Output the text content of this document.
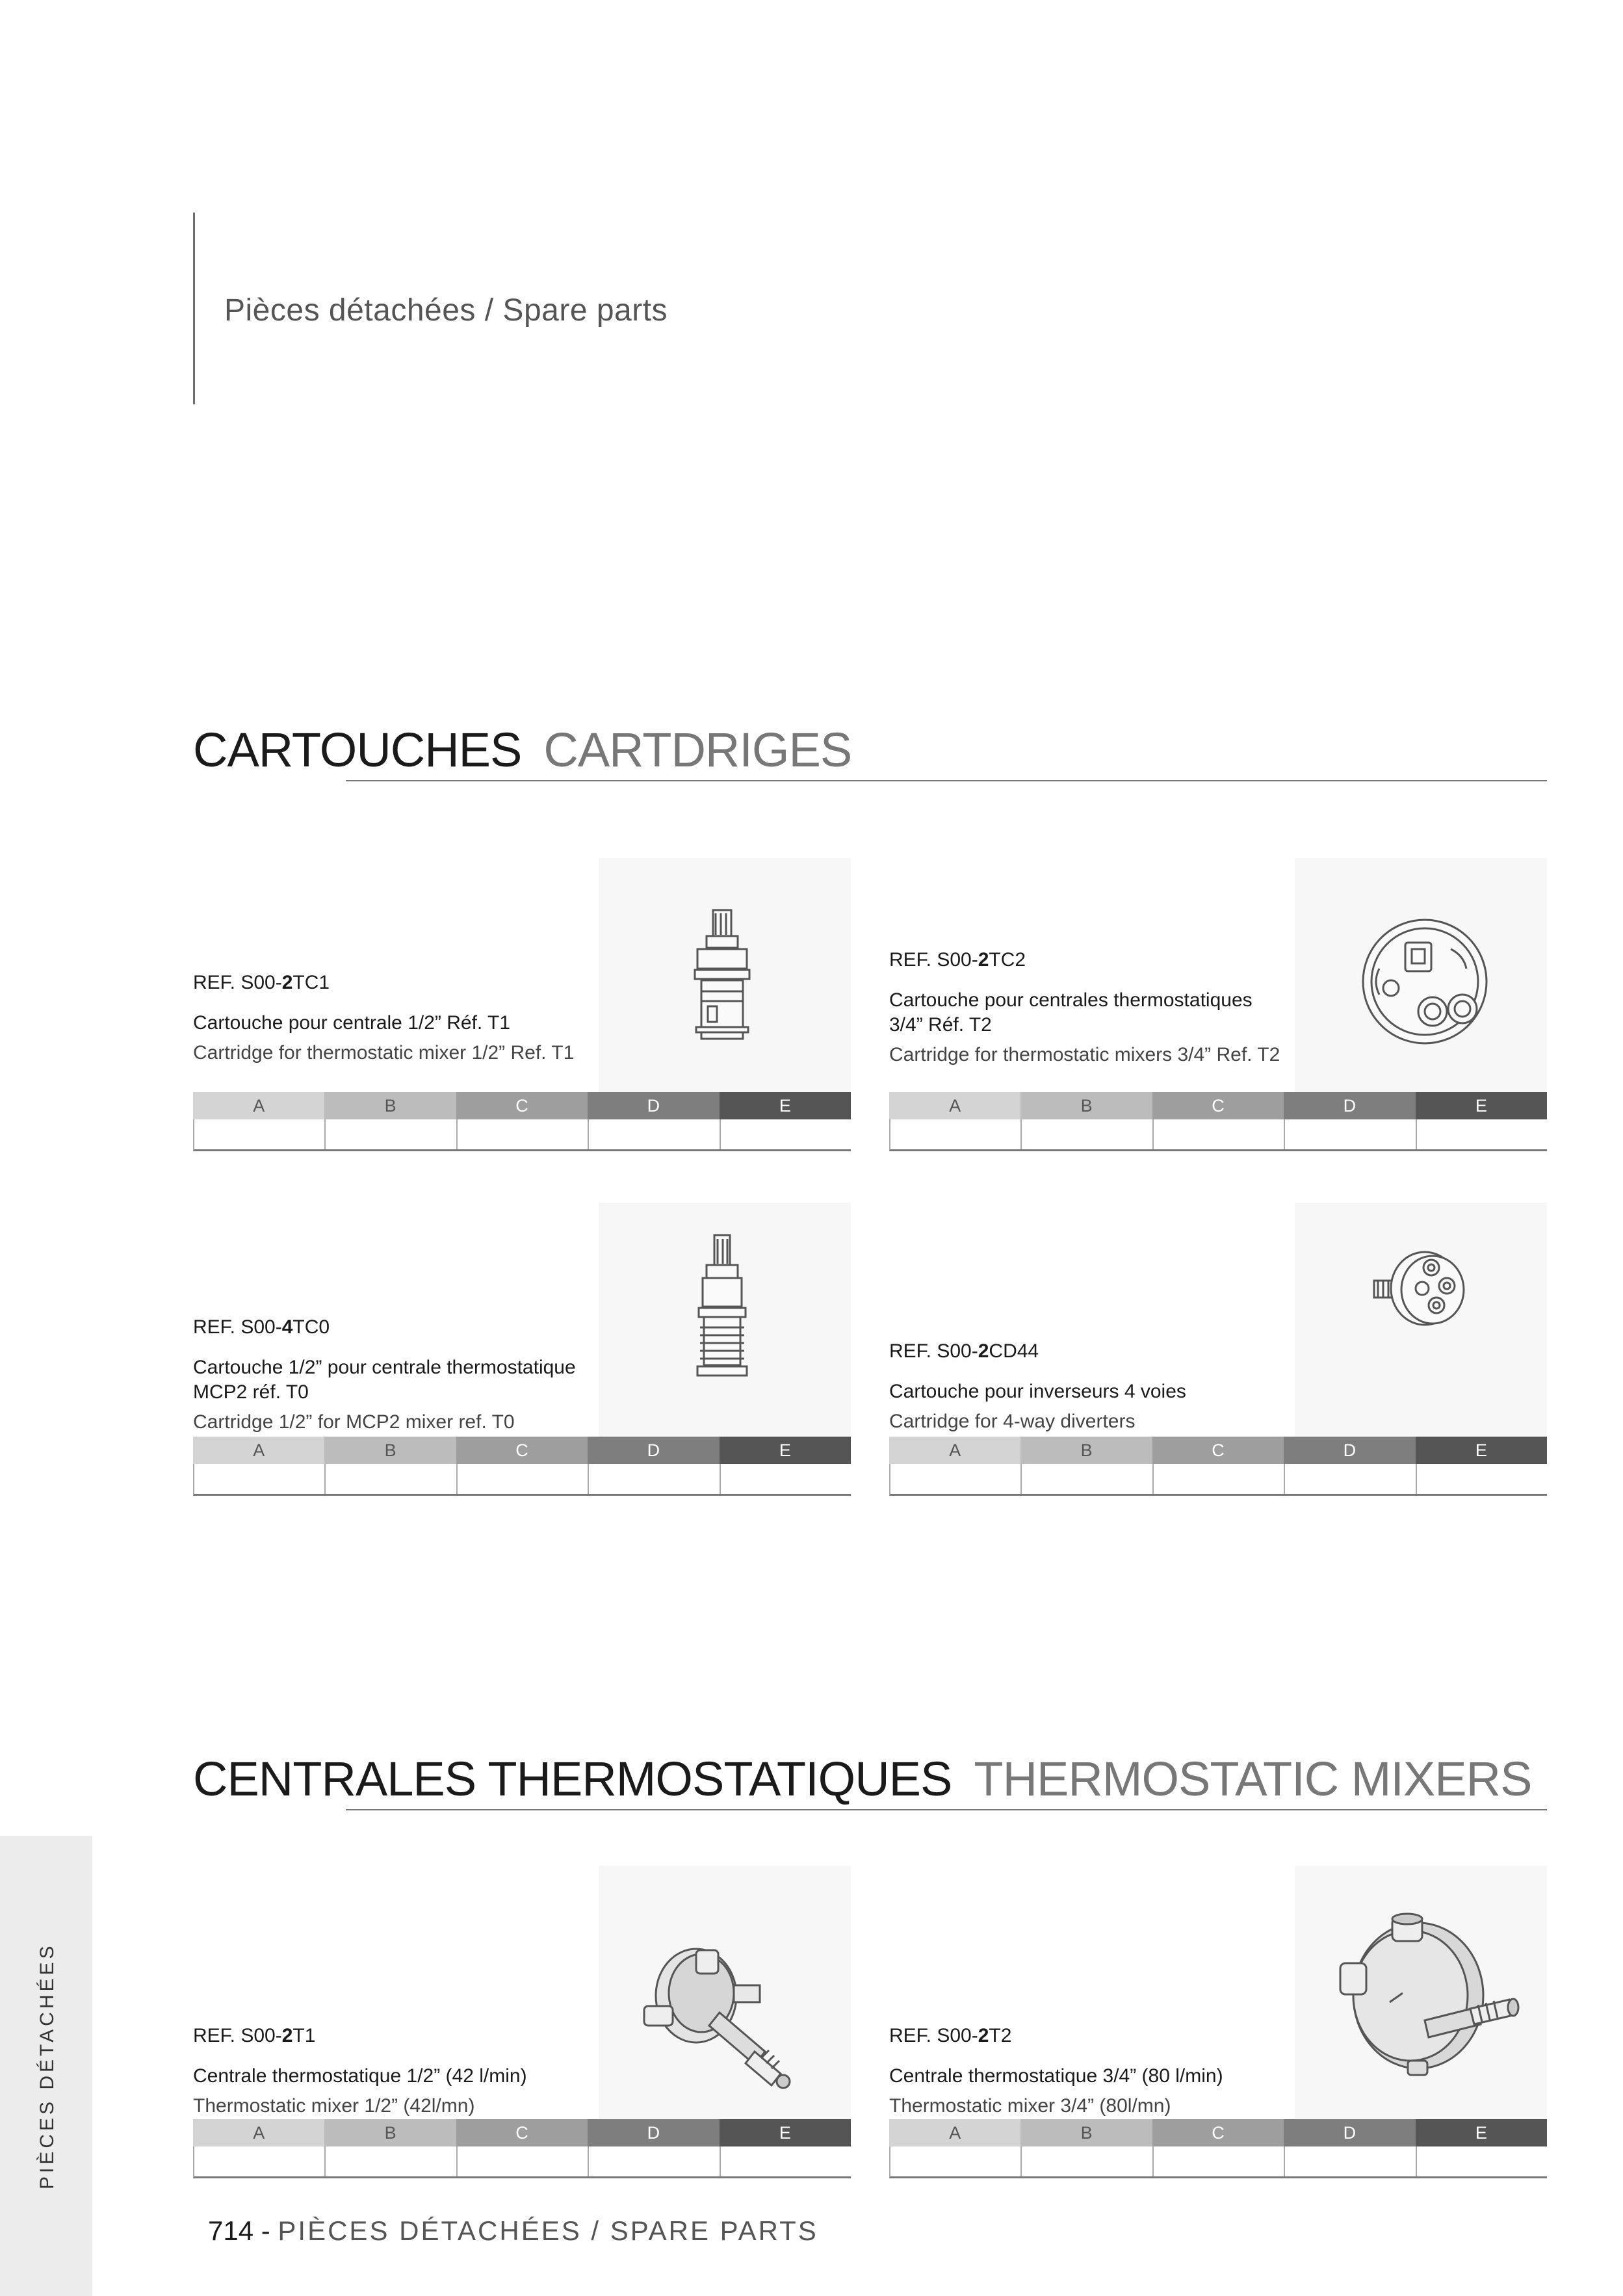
Pièces détachées / Spare parts
CARTOUCHES CARTDRIGES

REF. S00-2TC1

Cartouche pour centrale 1/2” Réf. T1

Cartridge for thermostatic mixer 1/2” Ref. T1

A	B	C	D	E

REF. S00-2TC2

Cartouche pour centrales thermostatiques 3/4” Réf. T2

Cartridge for thermostatic mixers 3/4” Ref. T2

A	B	C	D	E

REF. S00-4TC0

Cartouche 1/2” pour centrale thermostatique MCP2 réf. T0

Cartridge 1/2” for MCP2 mixer ref. T0

A	B	C	D	E

REF. S00-2CD44

Cartouche pour inverseurs 4 voies

Cartridge for 4-way diverters

A	B	C	D	E
CENTRALES THERMOSTATIQUES THERMOSTATIC MIXERS

REF. S00-2T1

Centrale thermostatique 1/2” (42 l/min)

Thermostatic mixer 1/2” (42l/mn)

A	B	C	D	E

REF. S00-2T2

Centrale thermostatique 3/4” (80 l/min)

Thermostatic mixer 3/4” (80l/mn)

A	B	C	D	E
PIÈCES DÉTACHÉES
714 - PIÈCES DÉTACHÉES / SPARE PARTS
